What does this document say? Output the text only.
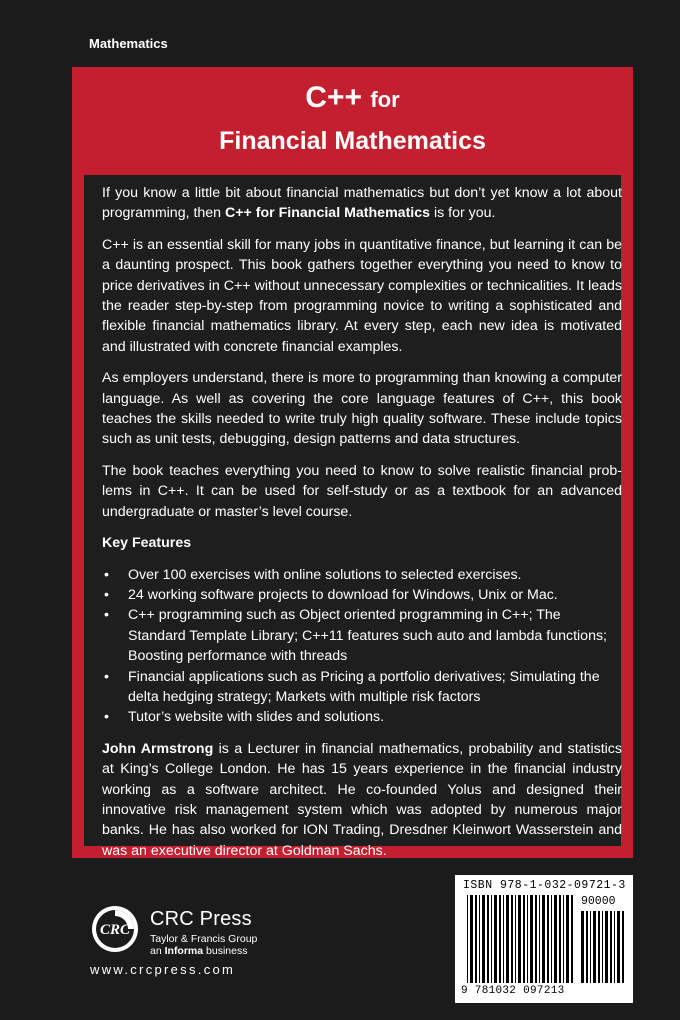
Mathematics
C++ for
Financial Mathematics

If you know a little bit about financial mathematics but don’t yet know a lot about programming, then C++ for Financial Mathematics is for you.

C++ is an essential skill for many jobs in quantitative finance, but learning it can be a daunting prospect. This book gathers together everything you need to know to price derivatives in C++ without unnecessary complexities or technicalities. It leads the reader step-by-step from programming novice to writing a sophisticated and flexible financial mathematics library. At every step, each new idea is motivated and illustrated with concrete financial examples.

As employers understand, there is more to programming than knowing a computer language. As well as covering the core language features of C++, this book teaches the skills needed to write truly high quality software. These include topics such as unit tests, debugging, design patterns and data structures.

The book teaches everything you need to know to solve realistic financial problems in C++. It can be used for self-study or as a textbook for an advanced undergraduate or master’s level course.

Key Features

• Over 100 exercises with online solutions to selected exercises.
• 24 working software projects to download for Windows, Unix or Mac.
• C++ programming such as Object oriented programming in C++; The Standard Template Library; C++11 features such auto and lambda functions; Boosting performance with threads
• Financial applications such as Pricing a portfolio derivatives; Simulating the delta hedging strategy; Markets with multiple risk factors
• Tutor’s website with slides and solutions.

John Armstrong is a Lecturer in financial mathematics, probability and statistics at King’s College London. He has 15 years experience in the financial industry working as a software architect. He co-founded Yolus and designed their innovative risk management system which was adopted by numerous major banks. He has also worked for ION Trading, Dresdner Kleinwort Wasserstein and was an executive director at Goldman Sachs.

CRC CRC Press
Taylor & Francis Group
an Informa business
www.crcpress.com
ISBN 978-1-032-09721-3
90000
9 781032 097213
